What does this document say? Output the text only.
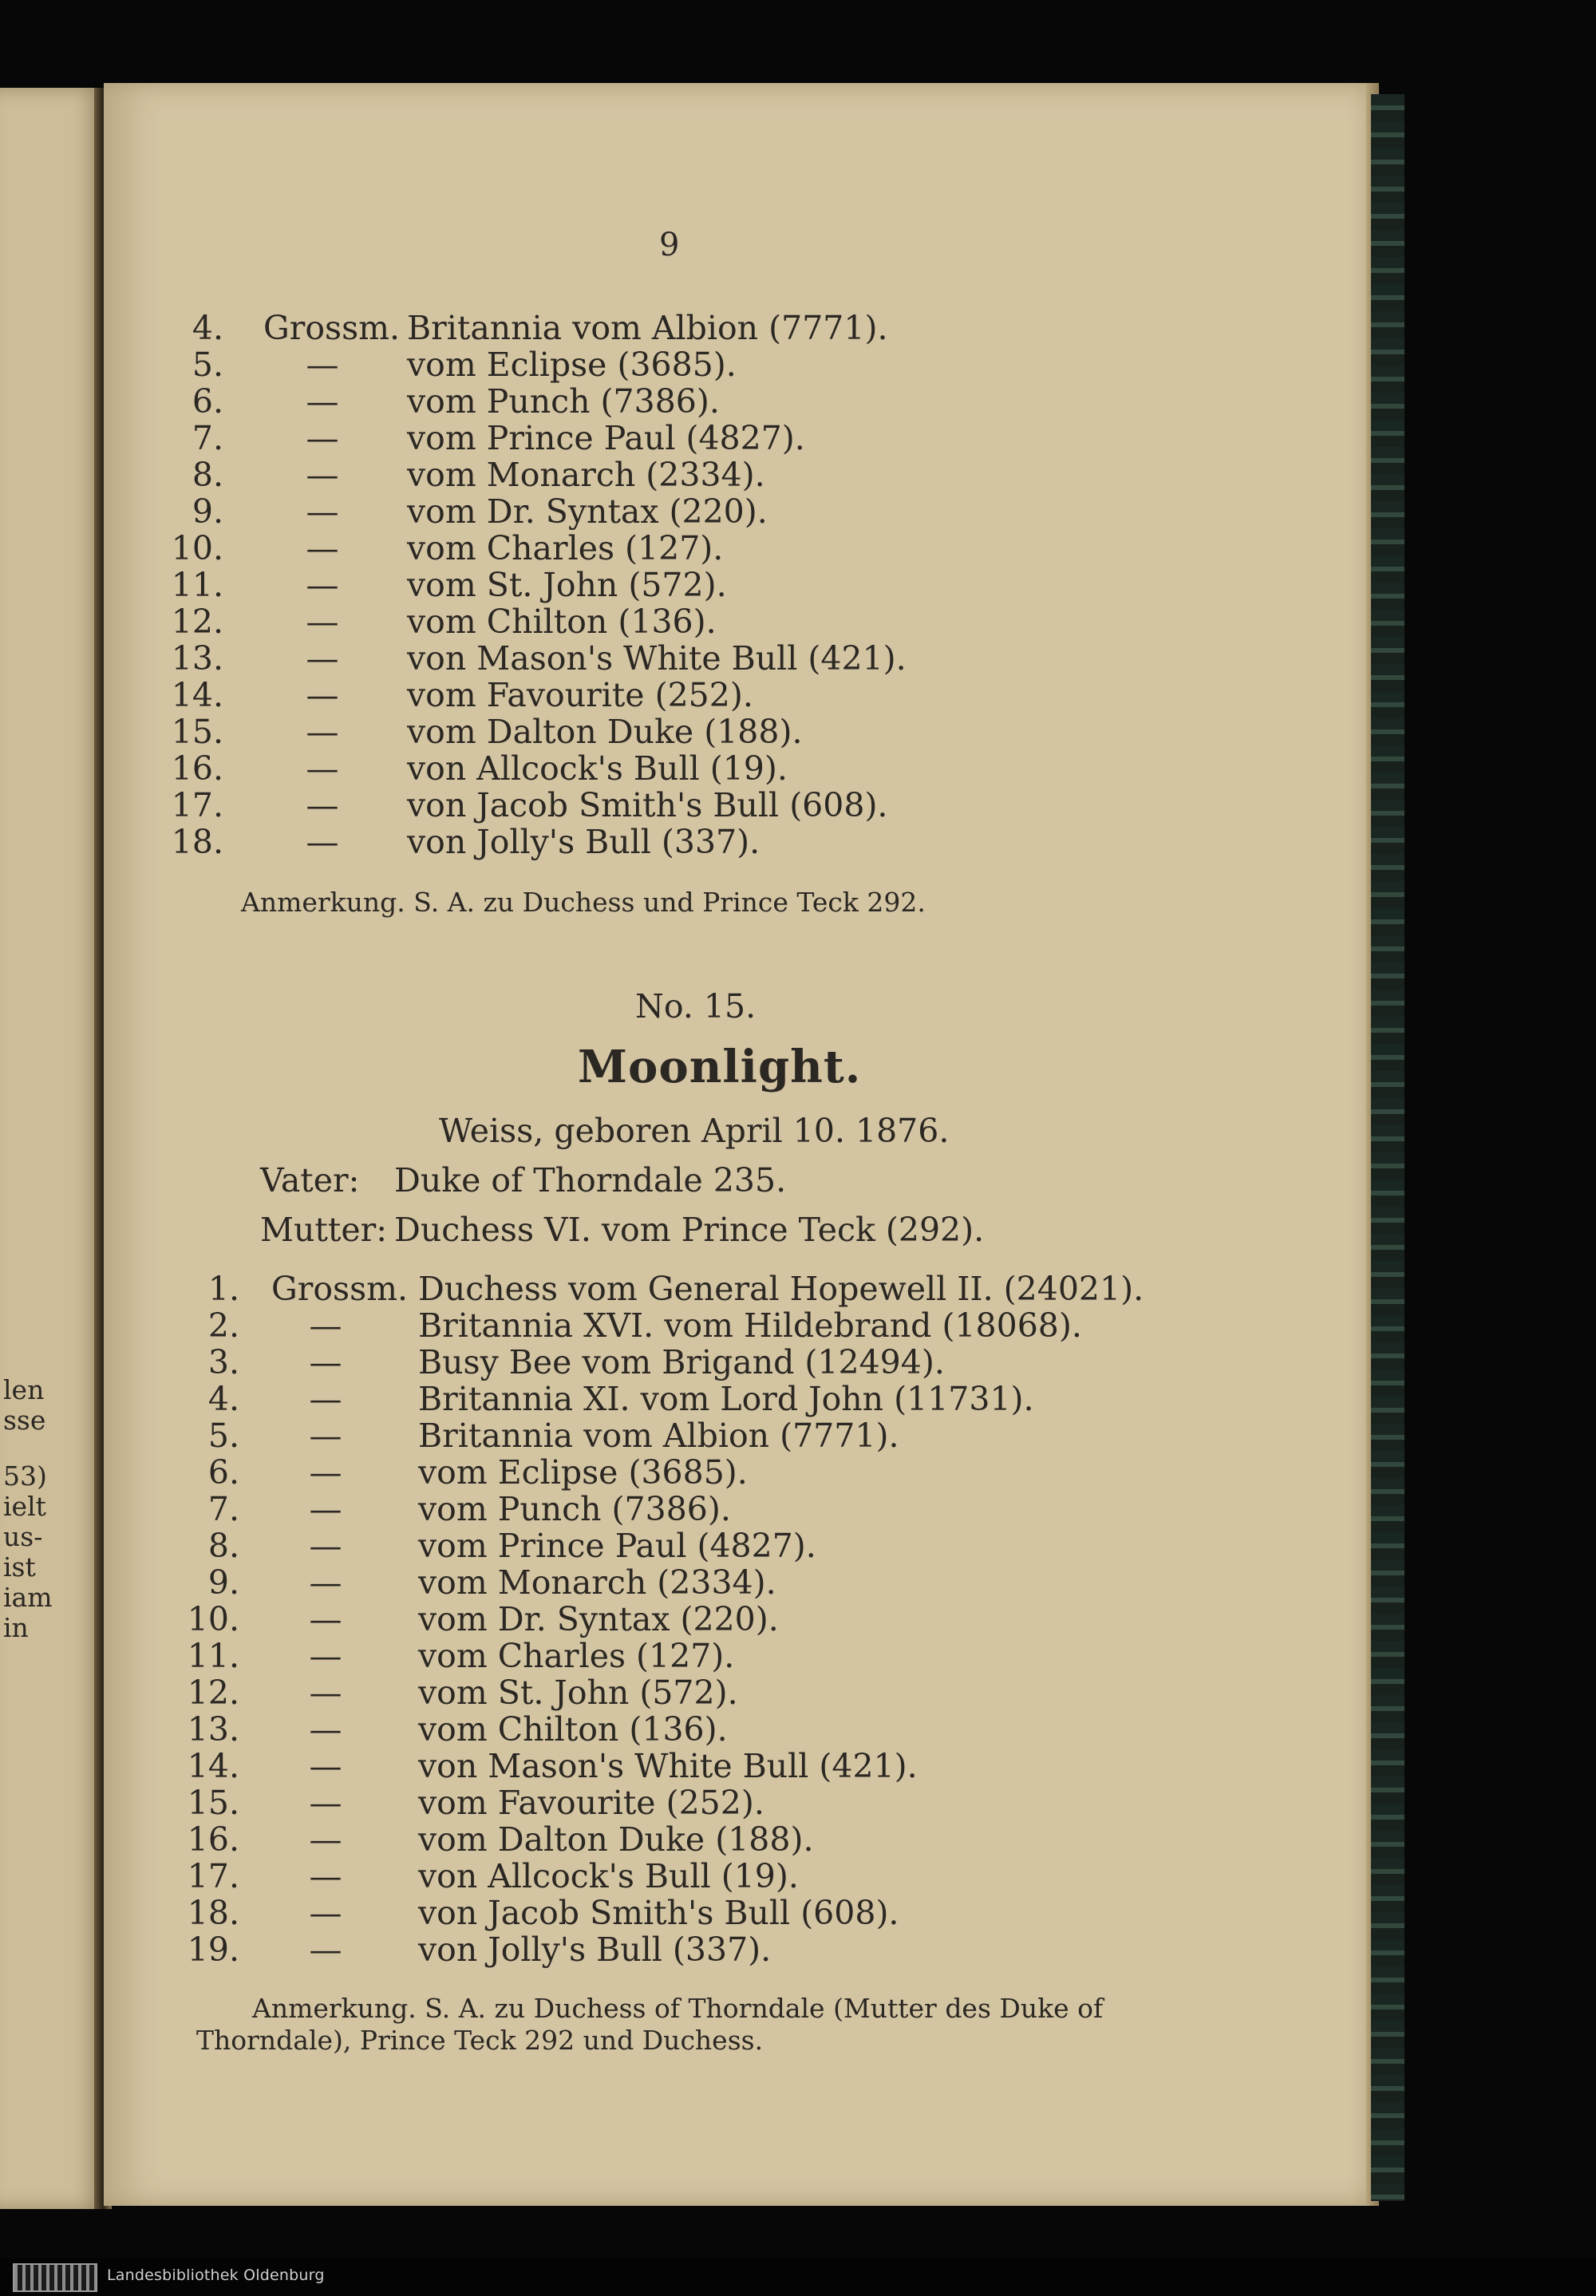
len
sse
53)
ielt
us-
ist
iam
in
9
4. Grossm. Britannia vom Albion (7771).
5.	— vom Eclipse (3685).
6.	— vom Punch (7386).
7.	— vom Prince Paul (4827).
8.	— vom Monarch (2334).
9.	— vom Dr. Syntax (220).
10.	— vom Charles (127).
11.	— vom St. John (572).
12.	— vom Chilton (136).
13.	— von Mason's White Bull (421).
14.	— vom Favourite (252).
15.	— vom Dalton Duke (188).
16.	— von Allcock's Bull (19).
17.	— von Jacob Smith's Bull (608).
18.	— von Jolly's Bull (337).
Anmerkung. S. A. zu Duchess und Prince Teck 292.
No. 15.
Moonlight.
Weiss, geboren April 10. 1876.
Vater: Duke of Thorndale 235.
Mutter: Duchess VI. vom Prince Teck (292).
1. Grossm. Duchess vom General Hopewell II. (24021).
2. — Britannia XVI. vom Hildebrand (18068).
3. — Busy Bee vom Brigand (12494).
4. — Britannia XI. vom Lord John (11731).
5. — Britannia vom Albion (7771).
6. — vom Eclipse (3685).
7. — vom Punch (7386).
8. — vom Prince Paul (4827).
9. — vom Monarch (2334).
10. — vom Dr. Syntax (220).
11. — vom Charles (127).
12. — vom St. John (572).
13. — vom Chilton (136).
14. — von Mason's White Bull (421).
15. — vom Favourite (252).
16. — vom Dalton Duke (188).
17. — von Allcock's Bull (19).
18. — von Jacob Smith's Bull (608).
19. — von Jolly's Bull (337).
Anmerkung. S. A. zu Duchess of Thorndale (Mutter des Duke of
Thorndale), Prince Teck 292 und Duchess.
Landesbibliothek Oldenburg
